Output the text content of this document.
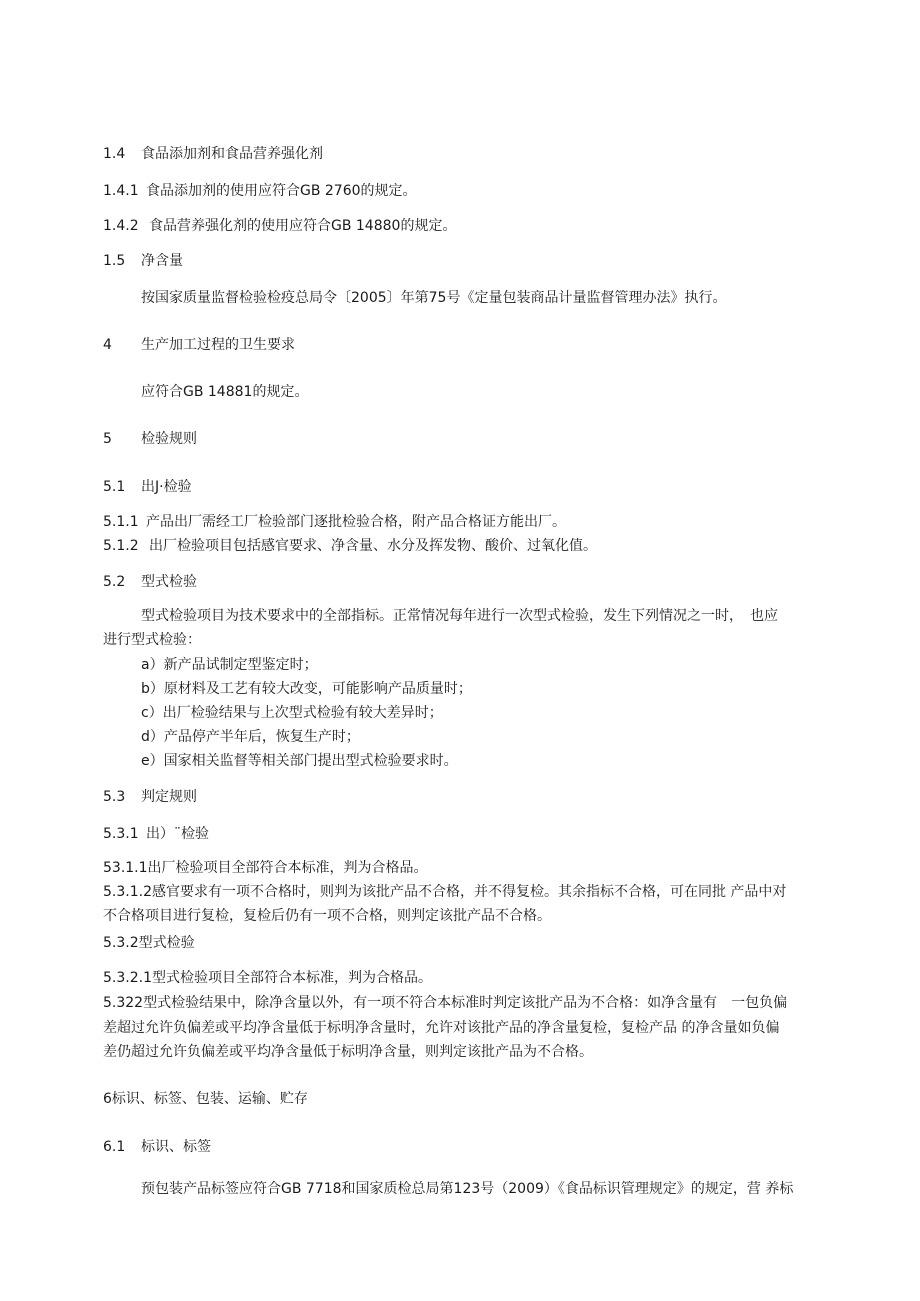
1.4 食品添加剂和食品营养强化剂
1.4.1 食品添加剂的使用应符合GB 2760的规定。
1.4.2 食品营养强化剂的使用应符合GB 14880的规定。
1.5 净含量
按国家质量监督检验检疫总局令〔2005〕年第75号《定量包装商品计量监督管理办法》执行。
4 生产加工过程的卫生要求
应符合GB 14881的规定。
5 检验规则
5.1 出J·检验
5.1.1 产品出厂需经工厂检验部门逐批检验合格，附产品合格证方能出厂。
5.1.2 出厂检验项目包括感官要求、净含量、水分及挥发物、酸价、过氧化值。
5.2 型式检验
型式检验项目为技术要求中的全部指标。正常情况每年进行一次型式检验，发生下列情况之一时，　也应
进行型式检验：
a）新产品试制定型鉴定时；
b）原材料及工艺有较大改变，可能影响产品质量时；
c）出厂检验结果与上次型式检验有较大差异时；
d）产品停产半年后，恢复生产时；
e）国家相关监督等相关部门提出型式检验要求时。
5.3 判定规则
5.3.1 出）¨检验
53.1.1出厂检验项目全部符合本标准，判为合格品。
5.3.1.2感官要求有一项不合格时，则判为该批产品不合格，并不得复检。其余指标不合格，可在同批 产品中对
不合格项目进行复检，复检后仍有一项不合格，则判定该批产品不合格。
5.3.2型式检验
5.3.2.1型式检验项目全部符合本标准，判为合格品。
5.322型式检验结果中，除净含量以外，有一项不符合本标准时判定该批产品为不合格：如净含量有　一包负偏
差超过允许负偏差或平均净含量低于标明净含量时，允许对该批产品的净含量复检，复检产品 的净含量如负偏
差仍超过允许负偏差或平均净含量低于标明净含量，则判定该批产品为不合格。
6标识、标签、包装、运输、贮存
6.1 标识、标签
预包装产品标签应符合GB 7718和国家质检总局第123号（2009）《食品标识管理规定》的规定，营 养标
